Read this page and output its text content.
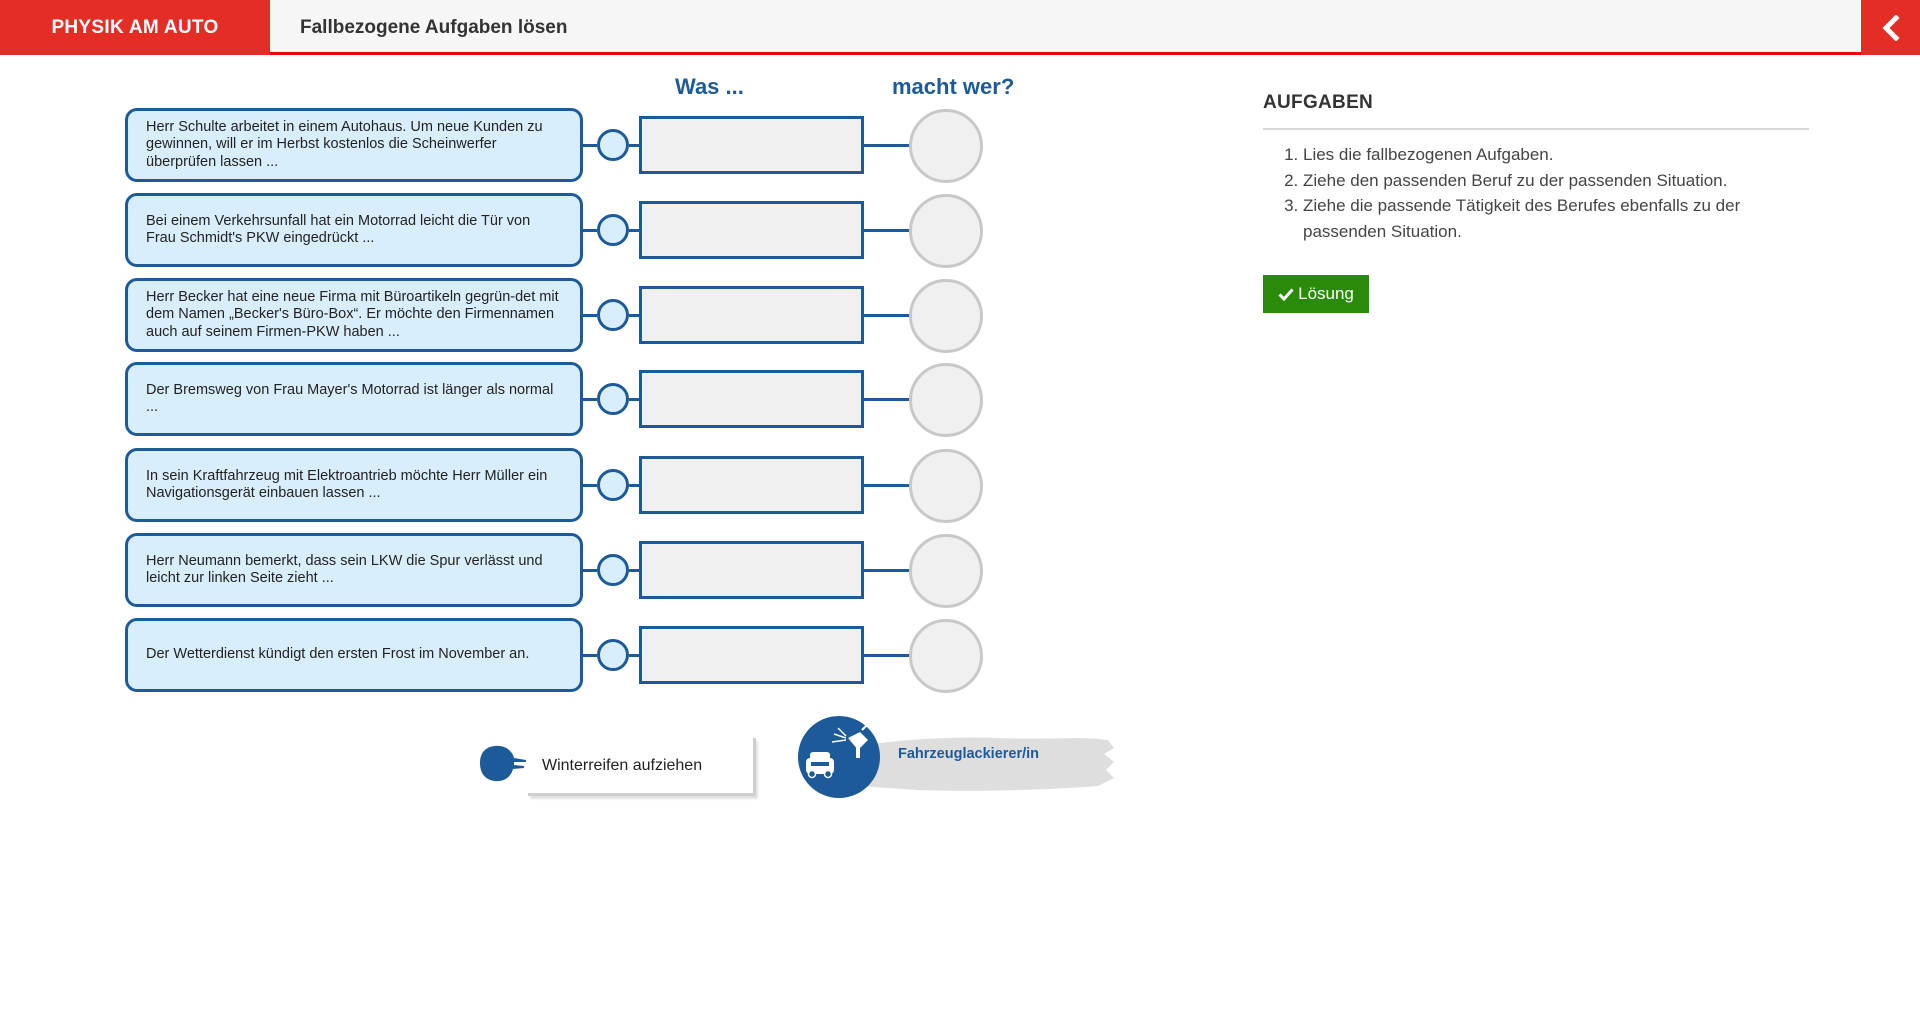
PHYSIK AM AUTO	Fallbezogene Aufgaben lösen
Was ...	macht wer?
Herr Schulte arbeitet in einem Autohaus. Um neue Kunden zu gewinnen, will er im Herbst kostenlos die Scheinwerfer überprüfen lassen ...
Bei einem Verkehrsunfall hat ein Motorrad leicht die Tür von Frau Schmidt's PKW eingedrückt ...
Herr Becker hat eine neue Firma mit Büroartikeln gegrün-det mit dem Namen „Becker's Büro-Box“. Er möchte den Firmennamen auch auf seinem Firmen-PKW haben ...
Der Bremsweg von Frau Mayer's Motorrad ist länger als normal ...
In sein Kraftfahrzeug mit Elektroantrieb möchte Herr Müller ein Navigationsgerät einbauen lassen ...
Herr Neumann bemerkt, dass sein LKW die Spur verlässt und leicht zur linken Seite zieht ...
Der Wetterdienst kündigt den ersten Frost im November an.
Winterreifen aufziehen
Fahrzeuglackierer/in
AUFGABEN
1. Lies die fallbezogenen Aufgaben.
2. Ziehe den passenden Beruf zu der passenden Situation.
3. Ziehe die passende Tätigkeit des Berufes ebenfalls zu der passenden Situation.
Lösung
